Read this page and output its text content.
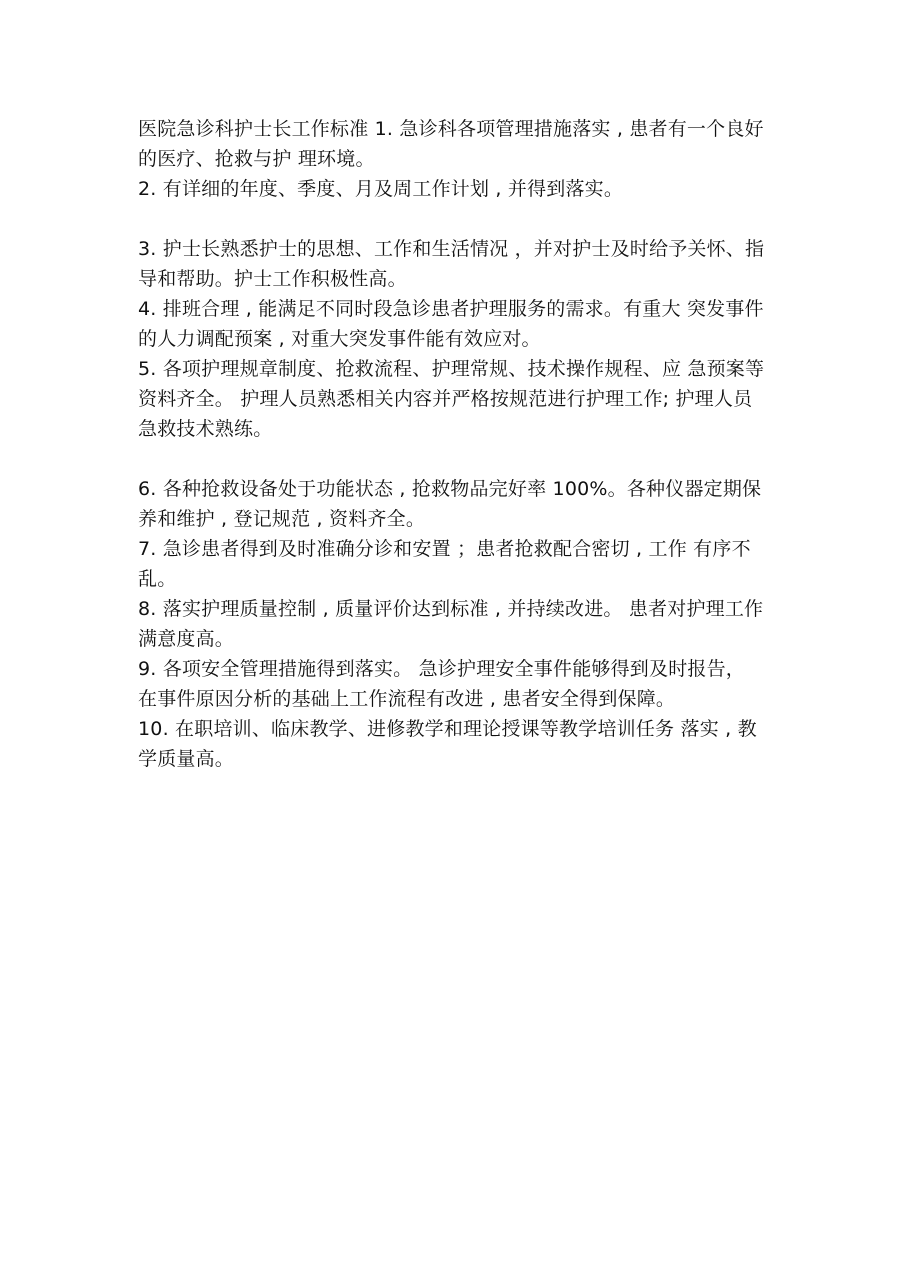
医院急诊科护士长工作标准 1. 急诊科各项管理措施落实 , 患者有一个良好的医疗、抢救与护 理环境。

2. 有详细的年度、季度、月及周工作计划 , 并得到落实。

3. 护士长熟悉护士的思想、工作和生活情况 ，并对护士及时给予关怀、指导和帮助。护士工作积极性高。

4. 排班合理 , 能满足不同时段急诊患者护理服务的需求。有重大 突发事件的人力调配预案 , 对重大突发事件能有效应对。

5. 各项护理规章制度、抢救流程、护理常规、技术操作规程、应 急预案等资料齐全。 护理人员熟悉相关内容并严格按规范进行护理工作; 护理人员急救技术熟练。

6. 各种抢救设备处于功能状态 , 抢救物品完好率 100%。各种仪器定期保养和维护 , 登记规范 , 资料齐全。

7. 急诊患者得到及时准确分诊和安置 ；患者抢救配合密切 , 工作 有序不乱。

8. 落实护理质量控制 , 质量评价达到标准 , 并持续改进。 患者对护理工作满意度高。

9. 各项安全管理措施得到落实。 急诊护理安全事件能够得到及时报告， 在事件原因分析的基础上工作流程有改进 , 患者安全得到保障。

10. 在职培训、临床教学、进修教学和理论授课等教学培训任务 落实 , 教学质量高。
